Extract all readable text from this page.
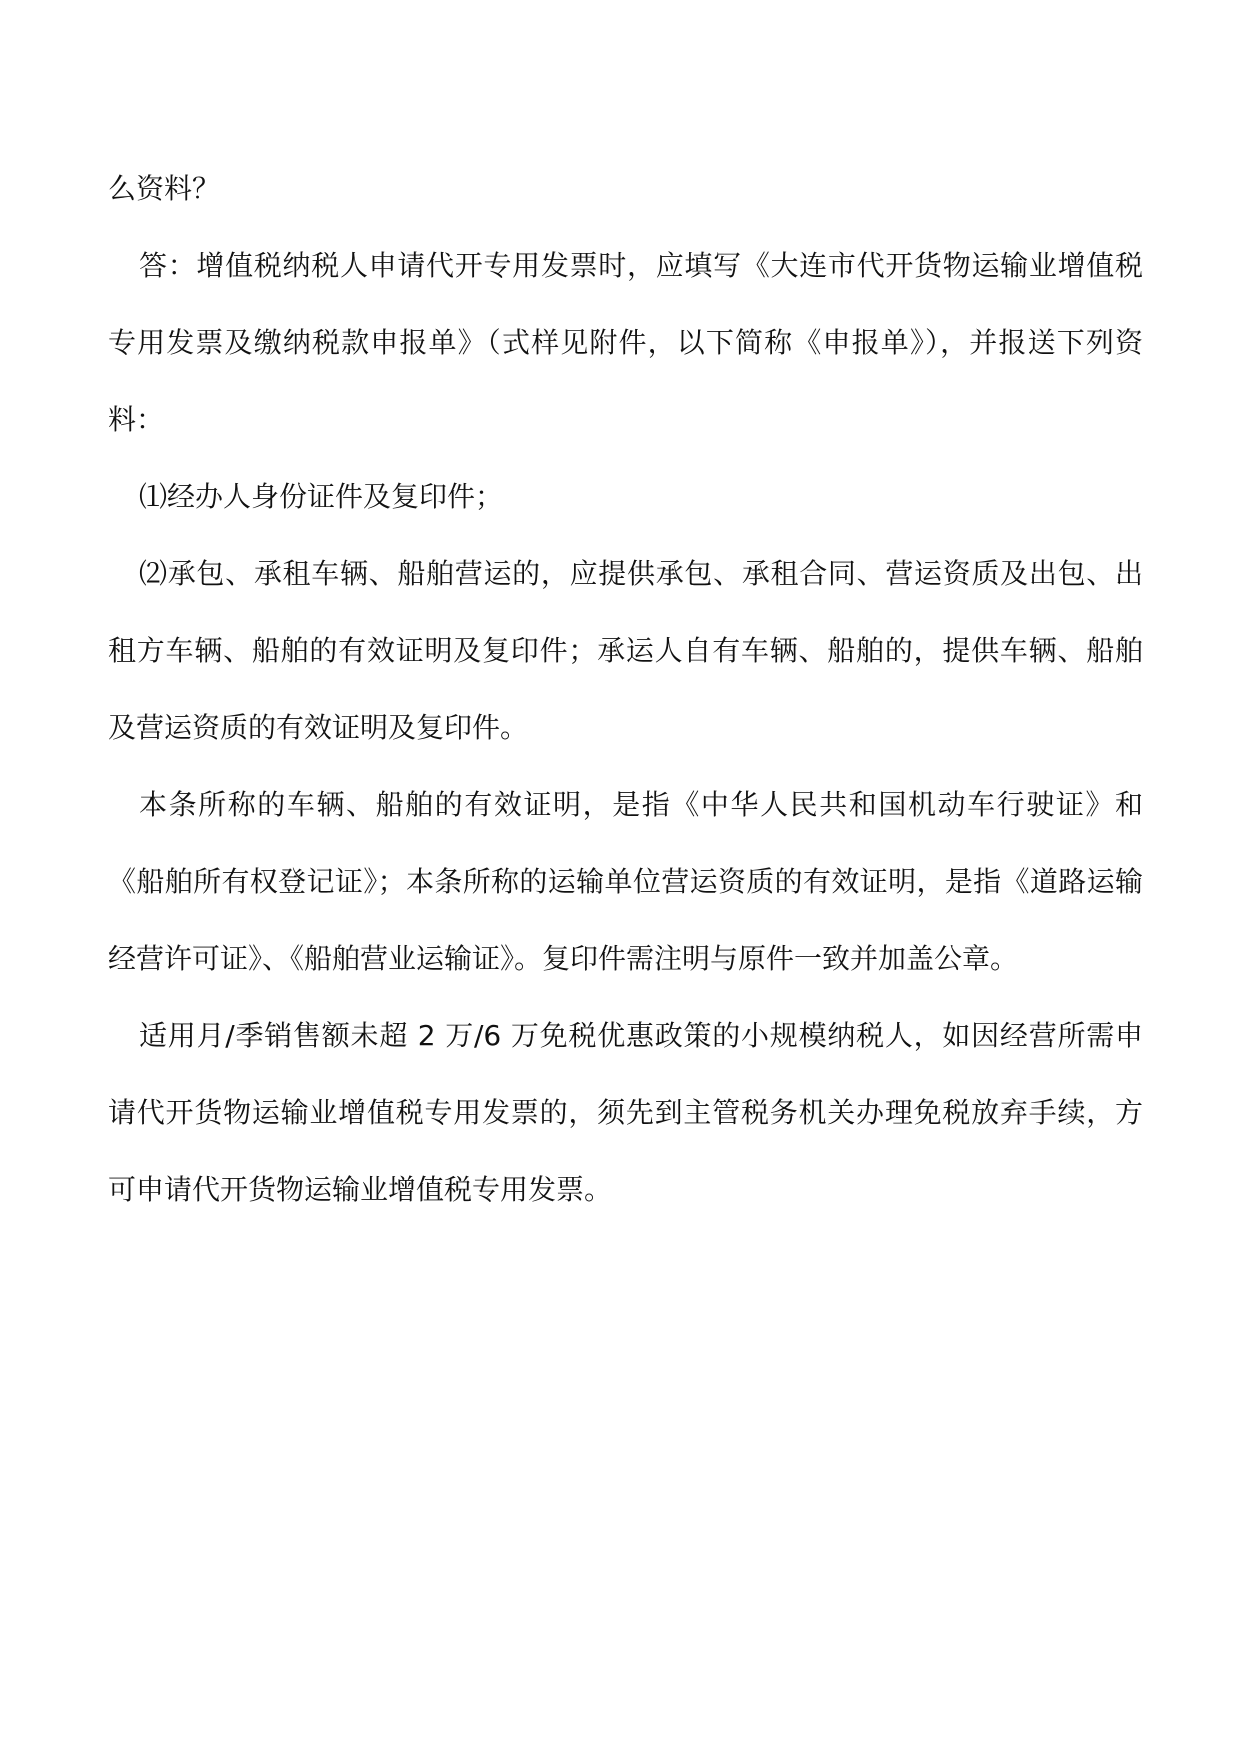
么资料？

答：增值税纳税人申请代开专用发票时，应填写《大连市代开货物运输业增值税专用发票及缴纳税款申报单》（式样见附件，以下简称《申报单》），并报送下列资料：

⑴经办人身份证件及复印件；

⑵承包、承租车辆、船舶营运的，应提供承包、承租合同、营运资质及出包、出租方车辆、船舶的有效证明及复印件；承运人自有车辆、船舶的，提供车辆、船舶及营运资质的有效证明及复印件。

本条所称的车辆、船舶的有效证明，是指《中华人民共和国机动车行驶证》和《船舶所有权登记证》；本条所称的运输单位营运资质的有效证明，是指《道路运输经营许可证》、《船舶营业运输证》。复印件需注明与原件一致并加盖公章。

适用月/季销售额未超 2 万/6 万免税优惠政策的小规模纳税人，如因经营所需申请代开货物运输业增值税专用发票的，须先到主管税务机关办理免税放弃手续，方可申请代开货物运输业增值税专用发票。
